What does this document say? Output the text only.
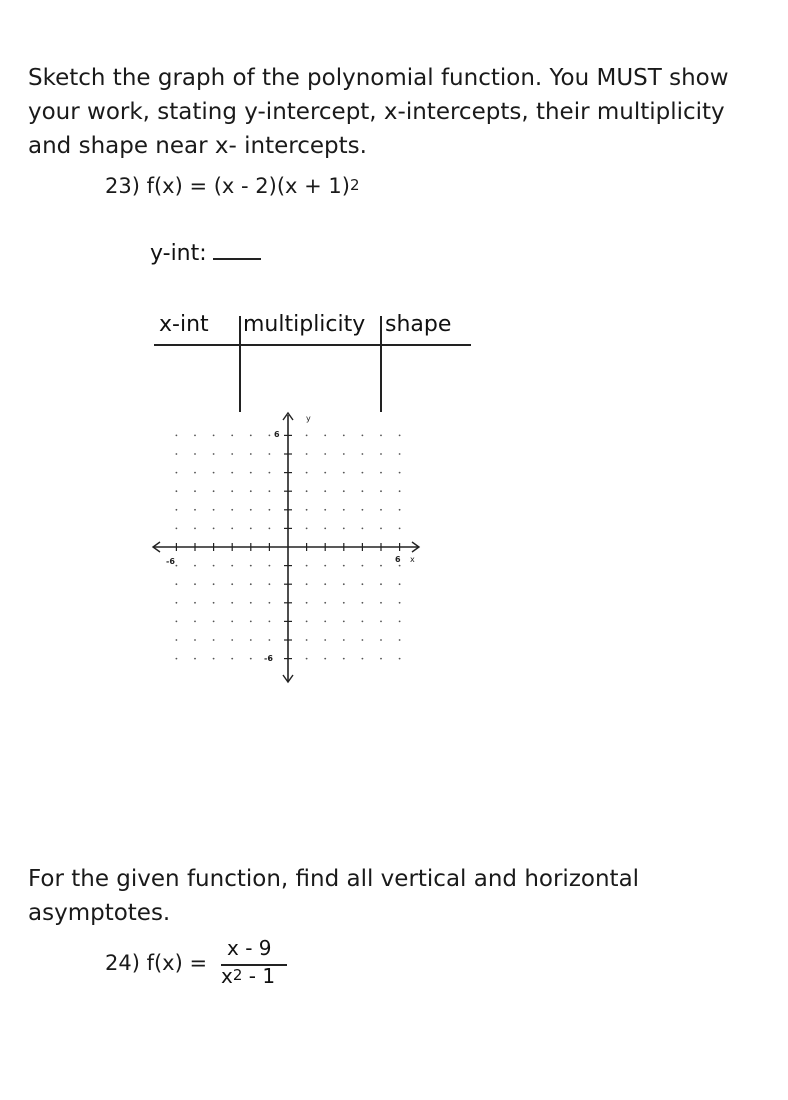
Sketch the graph of the polynomial function. You MUST show your work, stating y-intercept, x-intercepts, their multiplicity and shape near x- intercepts.
23) $f(x) = (x - 2)(x + 1)^2$
y-int:
x-int multiplicity shape
y
x
6
-6
-6	6
For the given function, find all vertical and horizontal asymptotes.
24) f(x) =
x - 9
$x^2 - 1$
